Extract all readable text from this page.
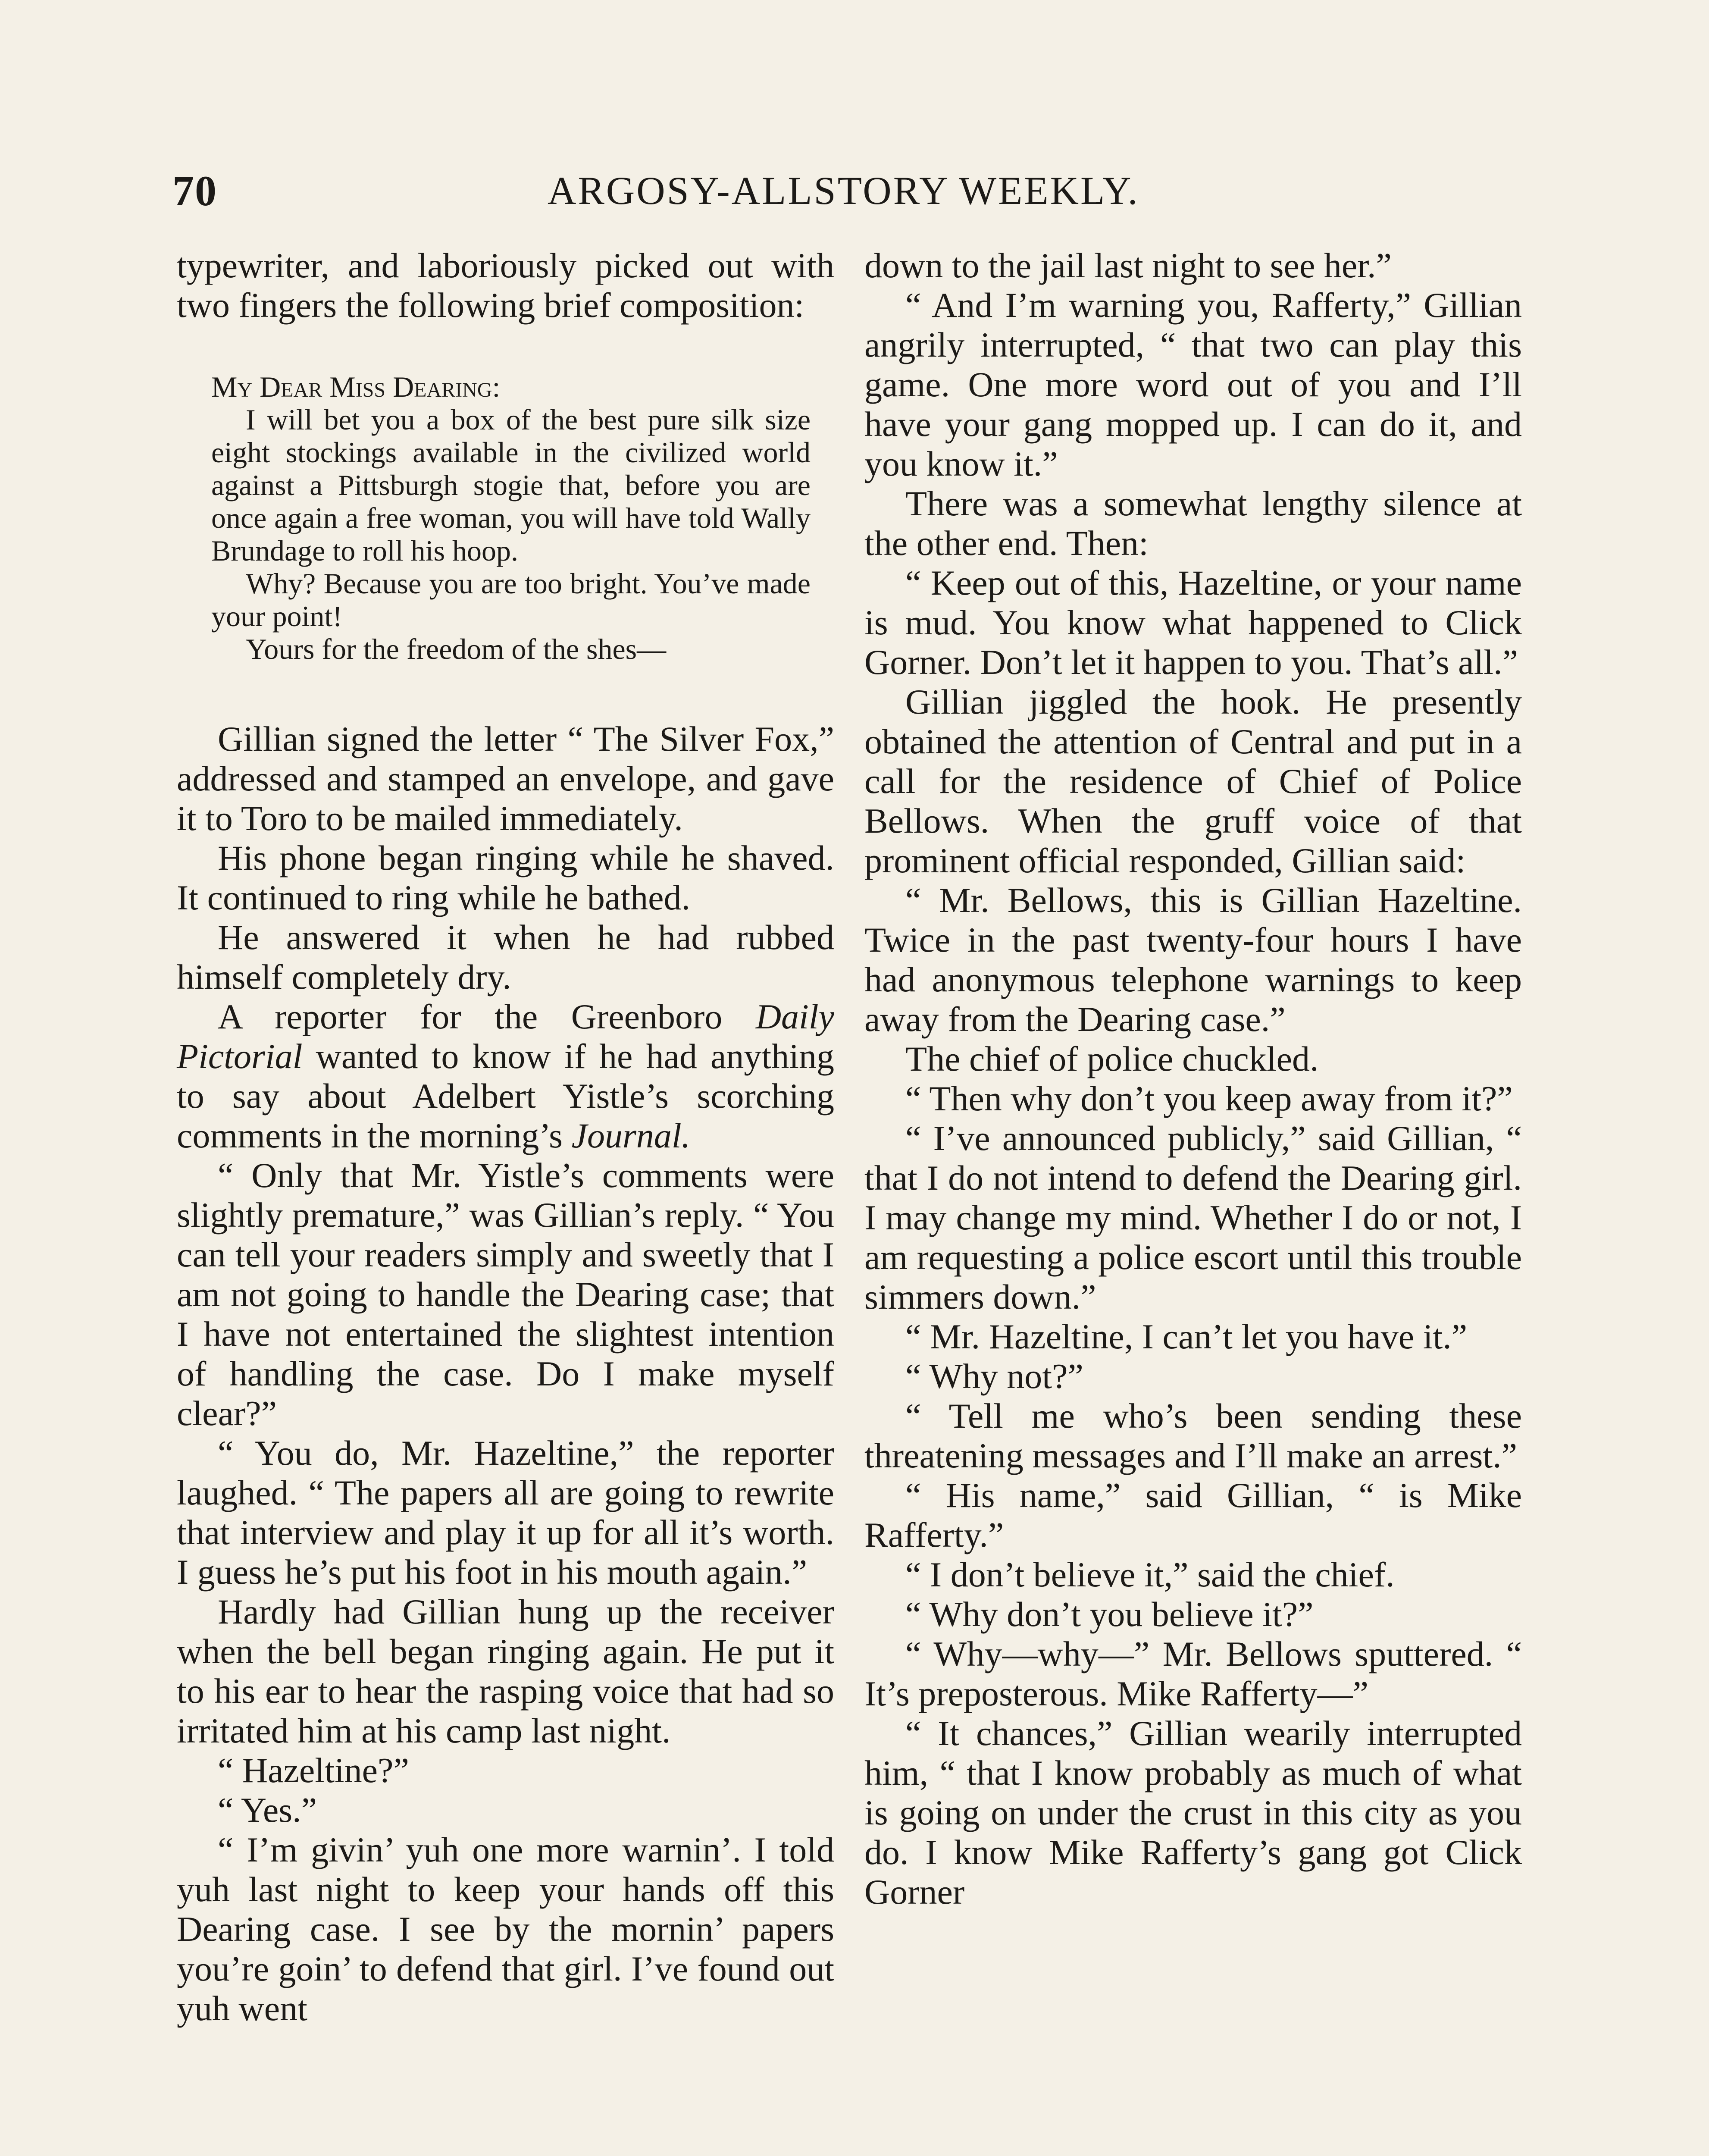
70	ARGOSY-ALLSTORY WEEKLY.

typewriter, and laboriously picked out with two fingers the following brief composition:

My Dear Miss Dearing:

I will bet you a box of the best pure silk size eight stockings available in the civilized world against a Pittsburgh stogie that, before you are once again a free woman, you will have told Wally Brundage to roll his hoop.

Why? Because you are too bright. You’ve made your point!

Yours for the freedom of the shes—

Gillian signed the letter “ The Silver Fox,” addressed and stamped an envelope, and gave it to Toro to be mailed immediately.

His phone began ringing while he shaved. It continued to ring while he bathed.

He answered it when he had rubbed himself completely dry.

A reporter for the Greenboro Daily Pictorial wanted to know if he had anything to say about Adelbert Yistle’s scorching comments in the morning’s Journal.

“ Only that Mr. Yistle’s comments were slightly premature,” was Gillian’s reply. “ You can tell your readers simply and sweetly that I am not going to handle the Dearing case; that I have not entertained the slightest intention of handling the case. Do I make myself clear?”

“ You do, Mr. Hazeltine,” the reporter laughed. “ The papers all are going to rewrite that interview and play it up for all it’s worth. I guess he’s put his foot in his mouth again.”

Hardly had Gillian hung up the receiver when the bell began ringing again. He put it to his ear to hear the rasping voice that had so irritated him at his camp last night.

“ Hazeltine?”

“ Yes.”

“ I’m givin’ yuh one more warnin’. I told yuh last night to keep your hands off this Dearing case. I see by the mornin’ papers you’re goin’ to defend that girl. I’ve found out yuh went

down to the jail last night to see her.”

“ And I’m warning you, Rafferty,” Gillian angrily interrupted, “ that two can play this game. One more word out of you and I’ll have your gang mopped up. I can do it, and you know it.”

There was a somewhat lengthy silence at the other end. Then:

“ Keep out of this, Hazeltine, or your name is mud. You know what happened to Click Gorner. Don’t let it happen to you. That’s all.”

Gillian jiggled the hook. He presently obtained the attention of Central and put in a call for the residence of Chief of Police Bellows. When the gruff voice of that prominent official responded, Gillian said:

“ Mr. Bellows, this is Gillian Hazeltine. Twice in the past twenty-four hours I have had anonymous telephone warnings to keep away from the Dearing case.”

The chief of police chuckled.

“ Then why don’t you keep away from it?”

“ I’ve announced publicly,” said Gillian, “ that I do not intend to defend the Dearing girl. I may change my mind. Whether I do or not, I am requesting a police escort until this trouble simmers down.”

“ Mr. Hazeltine, I can’t let you have it.”

“ Why not?”

“ Tell me who’s been sending these threatening messages and I’ll make an arrest.”

“ His name,” said Gillian, “ is Mike Rafferty.”

“ I don’t believe it,” said the chief.

“ Why don’t you believe it?”

“ Why—why—” Mr. Bellows sputtered. “ It’s preposterous. Mike Rafferty—”

“ It chances,” Gillian wearily interrupted him, “ that I know probably as much of what is going on under the crust in this city as you do. I know Mike Rafferty’s gang got Click Gorner
